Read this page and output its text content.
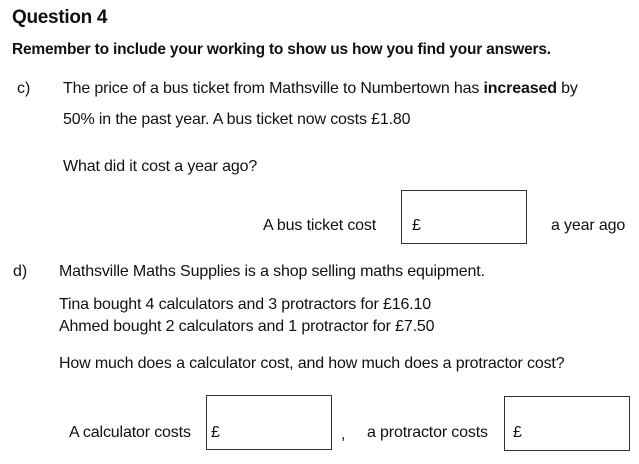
Question 4
Remember to include your working to show us how you find your answers.
c) The price of a bus ticket from Mathsville to Numbertown has increased by
50% in the past year. A bus ticket now costs £1.80
What did it cost a year ago?
A bus ticket cost £	a year ago
d) Mathsville Maths Supplies is a shop selling maths equipment.
Tina bought 4 calculators and 3 protractors for £16.10
Ahmed bought 2 calculators and 1 protractor for £7.50
How much does a calculator cost, and how much does a protractor cost?
A calculator costs £	, a protractor costs £
